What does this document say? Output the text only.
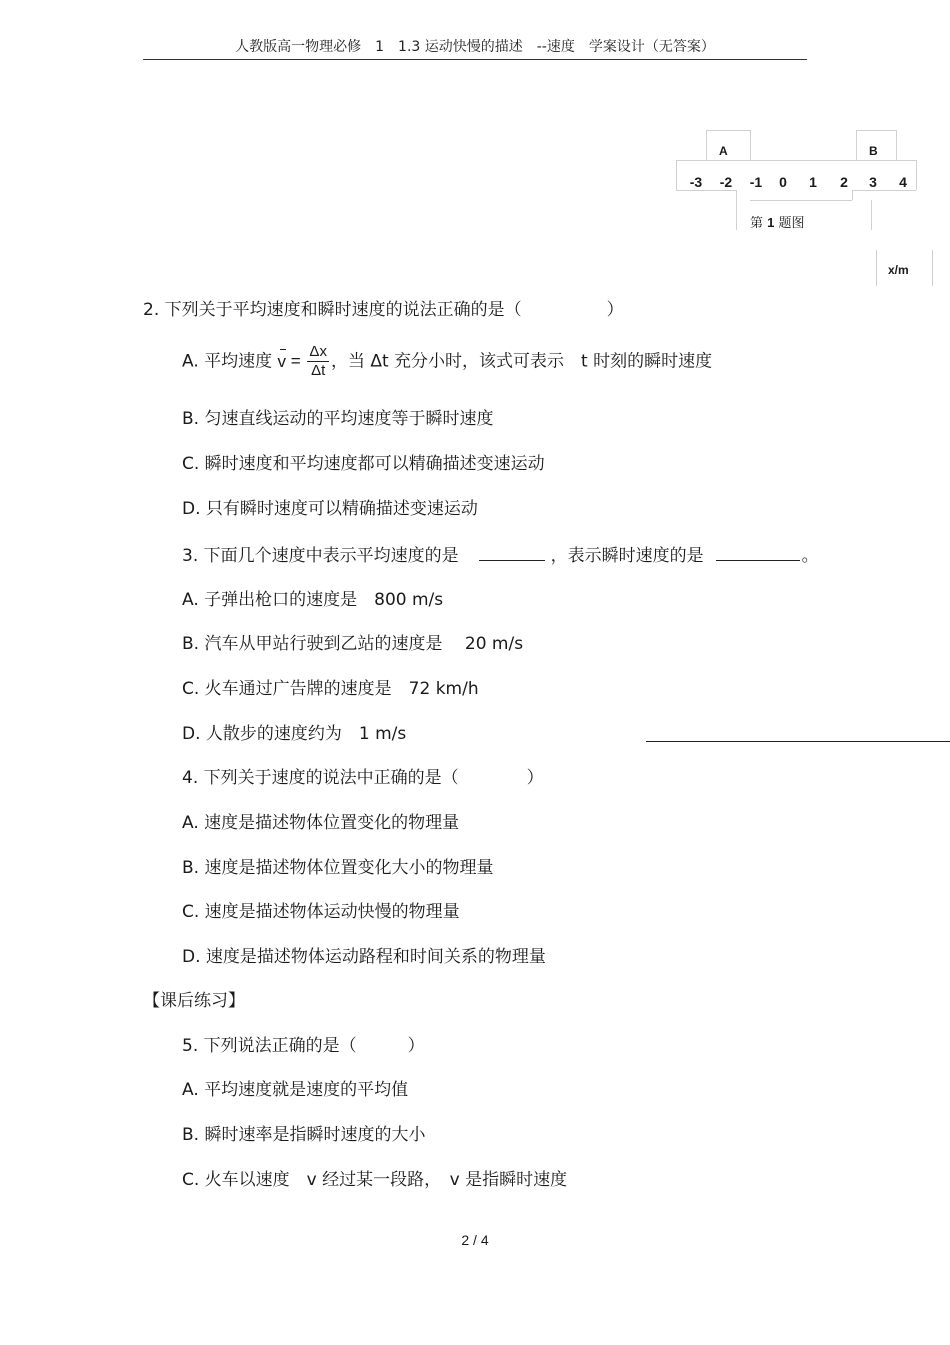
人教版高一物理必修　1　1.3 运动快慢的描述　--速度　学案设计（无答案）
A	B
-3	-2	-1	0	1	2	3	4
第 1 题图
x/m
2. 下列关于平均速度和瞬时速度的说法正确的是（　　　　　）
A. 平均速度 $v = \frac{\Delta x}{\Delta t}$ ，当 Δt 充分小时，该式可表示　t 时刻的瞬时速度
B. 匀速直线运动的平均速度等于瞬时速度
C. 瞬时速度和平均速度都可以精确描述变速运动
D. 只有瞬时速度可以精确描述变速运动
3. 下面几个速度中表示平均速度的是	，表示瞬时速度的是	。
A. 子弹出枪口的速度是　800 m/s
B. 汽车从甲站行驶到乙站的速度是　 20 m/s
C. 火车通过广告牌的速度是　72 km/h
D. 人散步的速度约为　1 m/s
4. 下列关于速度的说法中正确的是（　　　　）
A. 速度是描述物体位置变化的物理量
B. 速度是描述物体位置变化大小的物理量
C. 速度是描述物体运动快慢的物理量
D. 速度是描述物体运动路程和时间关系的物理量
【课后练习】
5. 下列说法正确的是（　　　）
A. 平均速度就是速度的平均值
B. 瞬时速率是指瞬时速度的大小
C. 火车以速度　v 经过某一段路，　v 是指瞬时速度
2 / 4
